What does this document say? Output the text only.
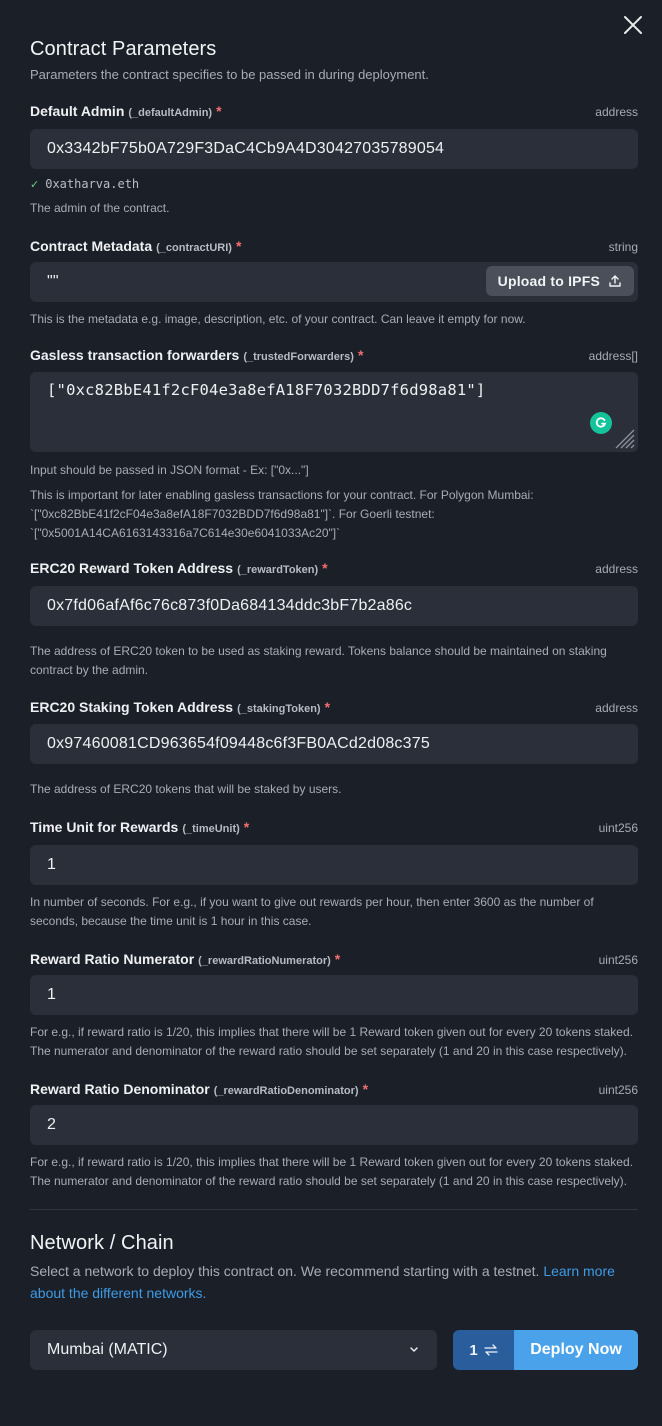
Contract Parameters

Parameters the contract specifies to be passed in during deployment.

Default Admin (_defaultAdmin) *	address
0x3342bF75b0A729F3DaC4Cb9A4D30427035789054
✓ 0xatharva.eth
The admin of the contract.
Contract Metadata (_contractURI) *	string
""	Upload to IPFS
This is the metadata e.g. image, description, etc. of your contract. Can leave it empty for now.
Gasless transaction forwarders (_trustedForwarders) *	address[]
["0xc82BbE41f2cF04e3a8efA18F7032BDD7f6d98a81"]
Input should be passed in JSON format - Ex: ["0x..."]
This is important for later enabling gasless transactions for your contract. For Polygon Mumbai: `["0xc82BbE41f2cF04e3a8efA18F7032BDD7f6d98a81"]`. For Goerli testnet: `["0x5001A14CA6163143316a7C614e30e6041033Ac20"]`
ERC20 Reward Token Address (_rewardToken) *	address
0x7fd06afAf6c76c873f0Da684134ddc3bF7b2a86c
The address of ERC20 token to be used as staking reward. Tokens balance should be maintained on staking contract by the admin.
ERC20 Staking Token Address (_stakingToken) *	address
0x97460081CD963654f09448c6f3FB0ACd2d08c375
The address of ERC20 tokens that will be staked by users.
Time Unit for Rewards (_timeUnit) *	uint256
1
In number of seconds. For e.g., if you want to give out rewards per hour, then enter 3600 as the number of seconds, because the time unit is 1 hour in this case.
Reward Ratio Numerator (_rewardRatioNumerator) *	uint256
1
For e.g., if reward ratio is 1/20, this implies that there will be 1 Reward token given out for every 20 tokens staked. The numerator and denominator of the reward ratio should be set separately (1 and 20 in this case respectively).
Reward Ratio Denominator (_rewardRatioDenominator) *	uint256
2
For e.g., if reward ratio is 1/20, this implies that there will be 1 Reward token given out for every 20 tokens staked. The numerator and denominator of the reward ratio should be set separately (1 and 20 in this case respectively).
Network / Chain

Select a network to deploy this contract on. We recommend starting with a testnet. Learn more about the different networks.

Mumbai (MATIC)	1	Deploy Now
